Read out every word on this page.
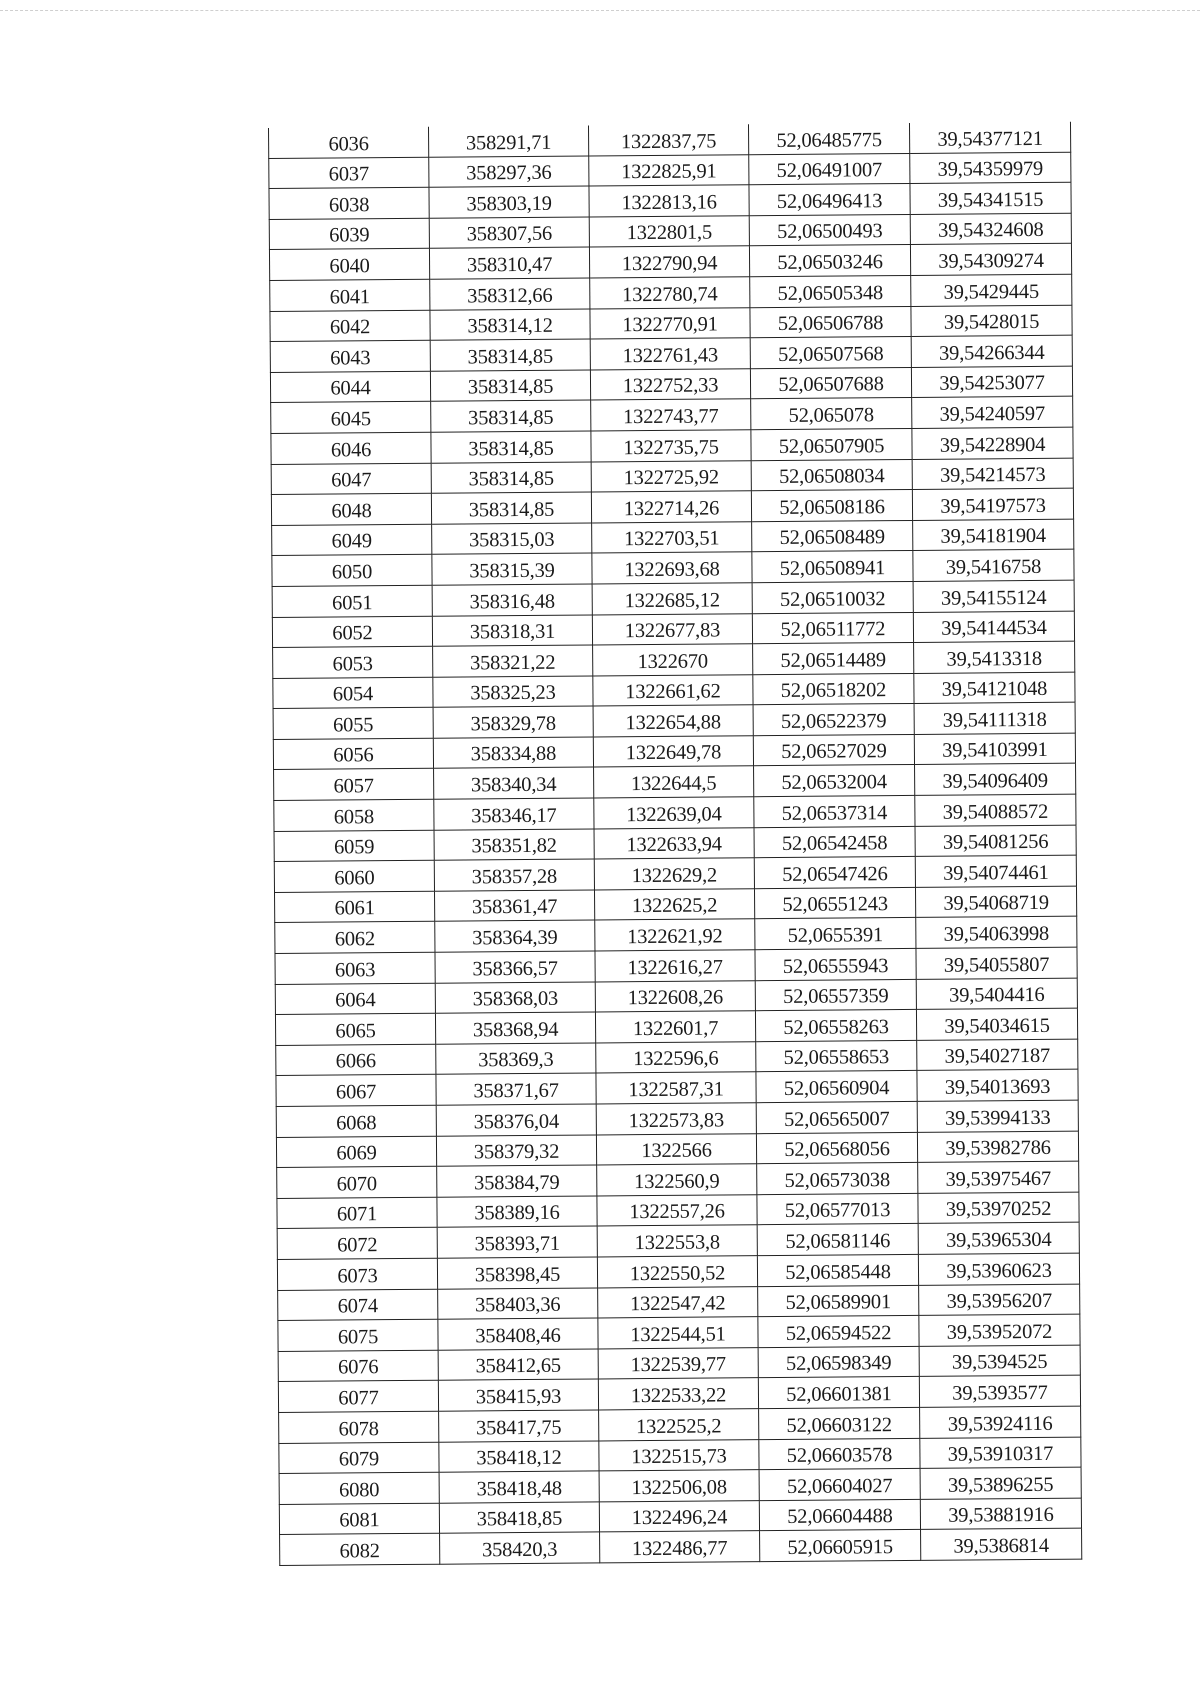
6036	358291,71	1322837,75	52,06485775	39,54377121
6037	358297,36	1322825,91	52,06491007	39,54359979
6038	358303,19	1322813,16	52,06496413	39,54341515
6039	358307,56	1322801,5	52,06500493	39,54324608
6040	358310,47	1322790,94	52,06503246	39,54309274
6041	358312,66	1322780,74	52,06505348	39,5429445
6042	358314,12	1322770,91	52,06506788	39,5428015
6043	358314,85	1322761,43	52,06507568	39,54266344
6044	358314,85	1322752,33	52,06507688	39,54253077
6045	358314,85	1322743,77	52,065078	39,54240597
6046	358314,85	1322735,75	52,06507905	39,54228904
6047	358314,85	1322725,92	52,06508034	39,54214573
6048	358314,85	1322714,26	52,06508186	39,54197573
6049	358315,03	1322703,51	52,06508489	39,54181904
6050	358315,39	1322693,68	52,06508941	39,5416758
6051	358316,48	1322685,12	52,06510032	39,54155124
6052	358318,31	1322677,83	52,06511772	39,54144534
6053	358321,22	1322670	52,06514489	39,5413318
6054	358325,23	1322661,62	52,06518202	39,54121048
6055	358329,78	1322654,88	52,06522379	39,54111318
6056	358334,88	1322649,78	52,06527029	39,54103991
6057	358340,34	1322644,5	52,06532004	39,54096409
6058	358346,17	1322639,04	52,06537314	39,54088572
6059	358351,82	1322633,94	52,06542458	39,54081256
6060	358357,28	1322629,2	52,06547426	39,54074461
6061	358361,47	1322625,2	52,06551243	39,54068719
6062	358364,39	1322621,92	52,0655391	39,54063998
6063	358366,57	1322616,27	52,06555943	39,54055807
6064	358368,03	1322608,26	52,06557359	39,5404416
6065	358368,94	1322601,7	52,06558263	39,54034615
6066	358369,3	1322596,6	52,06558653	39,54027187
6067	358371,67	1322587,31	52,06560904	39,54013693
6068	358376,04	1322573,83	52,06565007	39,53994133
6069	358379,32	1322566	52,06568056	39,53982786
6070	358384,79	1322560,9	52,06573038	39,53975467
6071	358389,16	1322557,26	52,06577013	39,53970252
6072	358393,71	1322553,8	52,06581146	39,53965304
6073	358398,45	1322550,52	52,06585448	39,53960623
6074	358403,36	1322547,42	52,06589901	39,53956207
6075	358408,46	1322544,51	52,06594522	39,53952072
6076	358412,65	1322539,77	52,06598349	39,5394525
6077	358415,93	1322533,22	52,06601381	39,5393577
6078	358417,75	1322525,2	52,06603122	39,53924116
6079	358418,12	1322515,73	52,06603578	39,53910317
6080	358418,48	1322506,08	52,06604027	39,53896255
6081	358418,85	1322496,24	52,06604488	39,53881916
6082	358420,3	1322486,77	52,06605915	39,5386814
